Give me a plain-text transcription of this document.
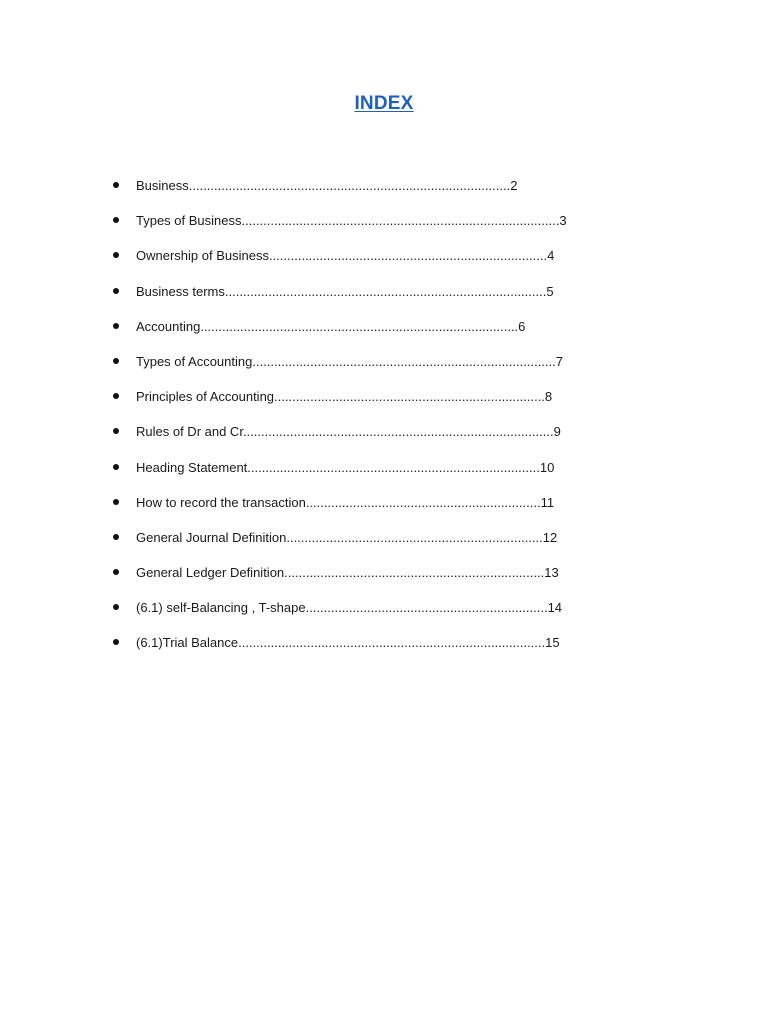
INDEX
Business.........................................................................................2
Types of Business........................................................................................3
Ownership of Business.............................................................................4
Business terms.........................................................................................5
Accounting........................................................................................6
Types of Accounting....................................................................................7
Principles of Accounting...........................................................................8
Rules of Dr and Cr......................................................................................9
Heading Statement.................................................................................10
How to record the transaction.................................................................11
General Journal Definition.......................................................................12
General Ledger Definition........................................................................13
(6.1) self-Balancing , T-shape...................................................................14
(6.1)Trial Balance.....................................................................................15
